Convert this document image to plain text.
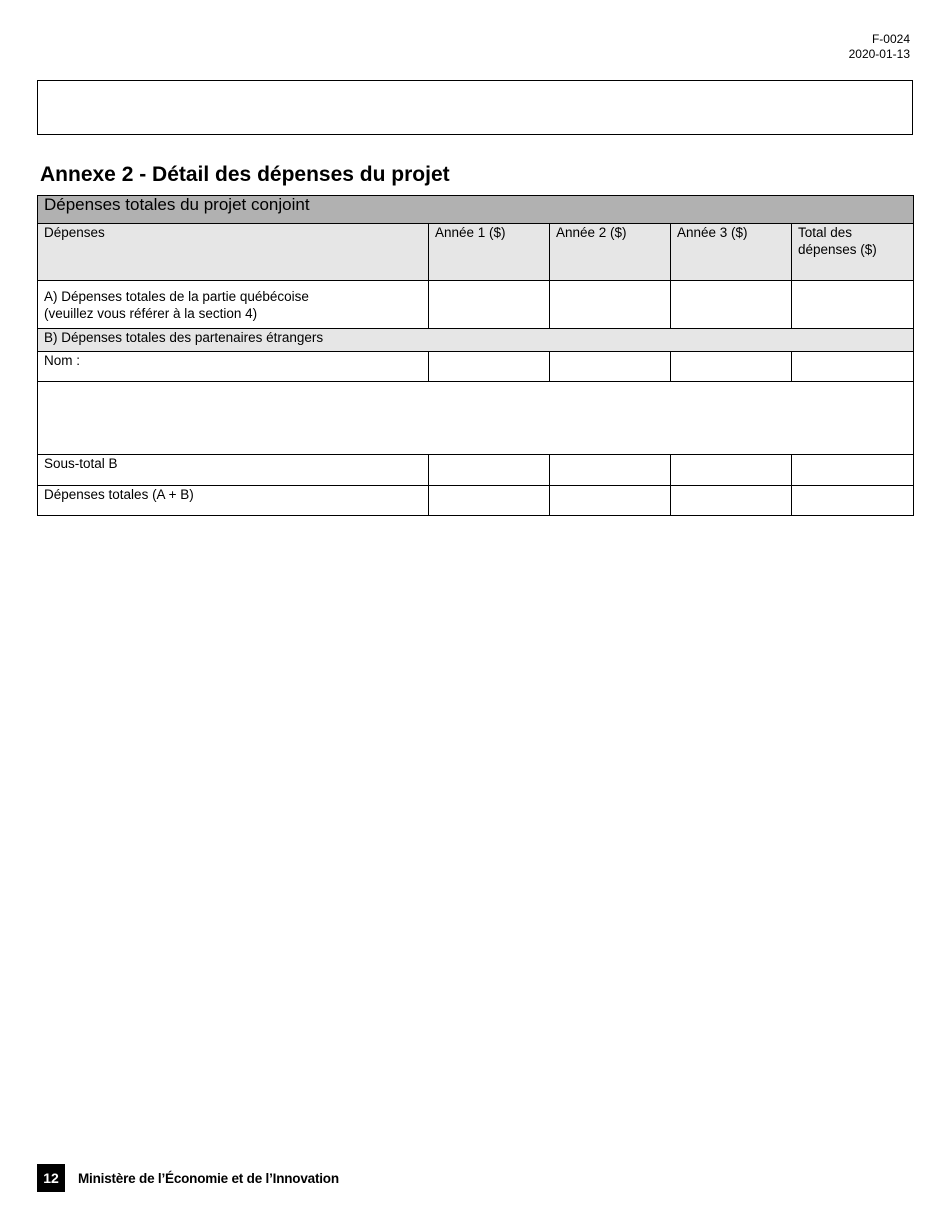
F-0024
2020-01-13
Annexe 2 - Détail des dépenses du projet
Dépenses totales du projet conjoint				
Dépenses	Année 1 ($)	Année 2 ($)	Année 3 ($)	Total des dépenses ($)

A) Dépenses totales de la partie québécoise
(veuillez vous référer à la section 4)				

B) Dépenses totales des partenaires étrangers				
Nom :				

Sous-total B				
Dépenses totales (A + B)				
12	Ministère de l’Économie et de l’Innovation
